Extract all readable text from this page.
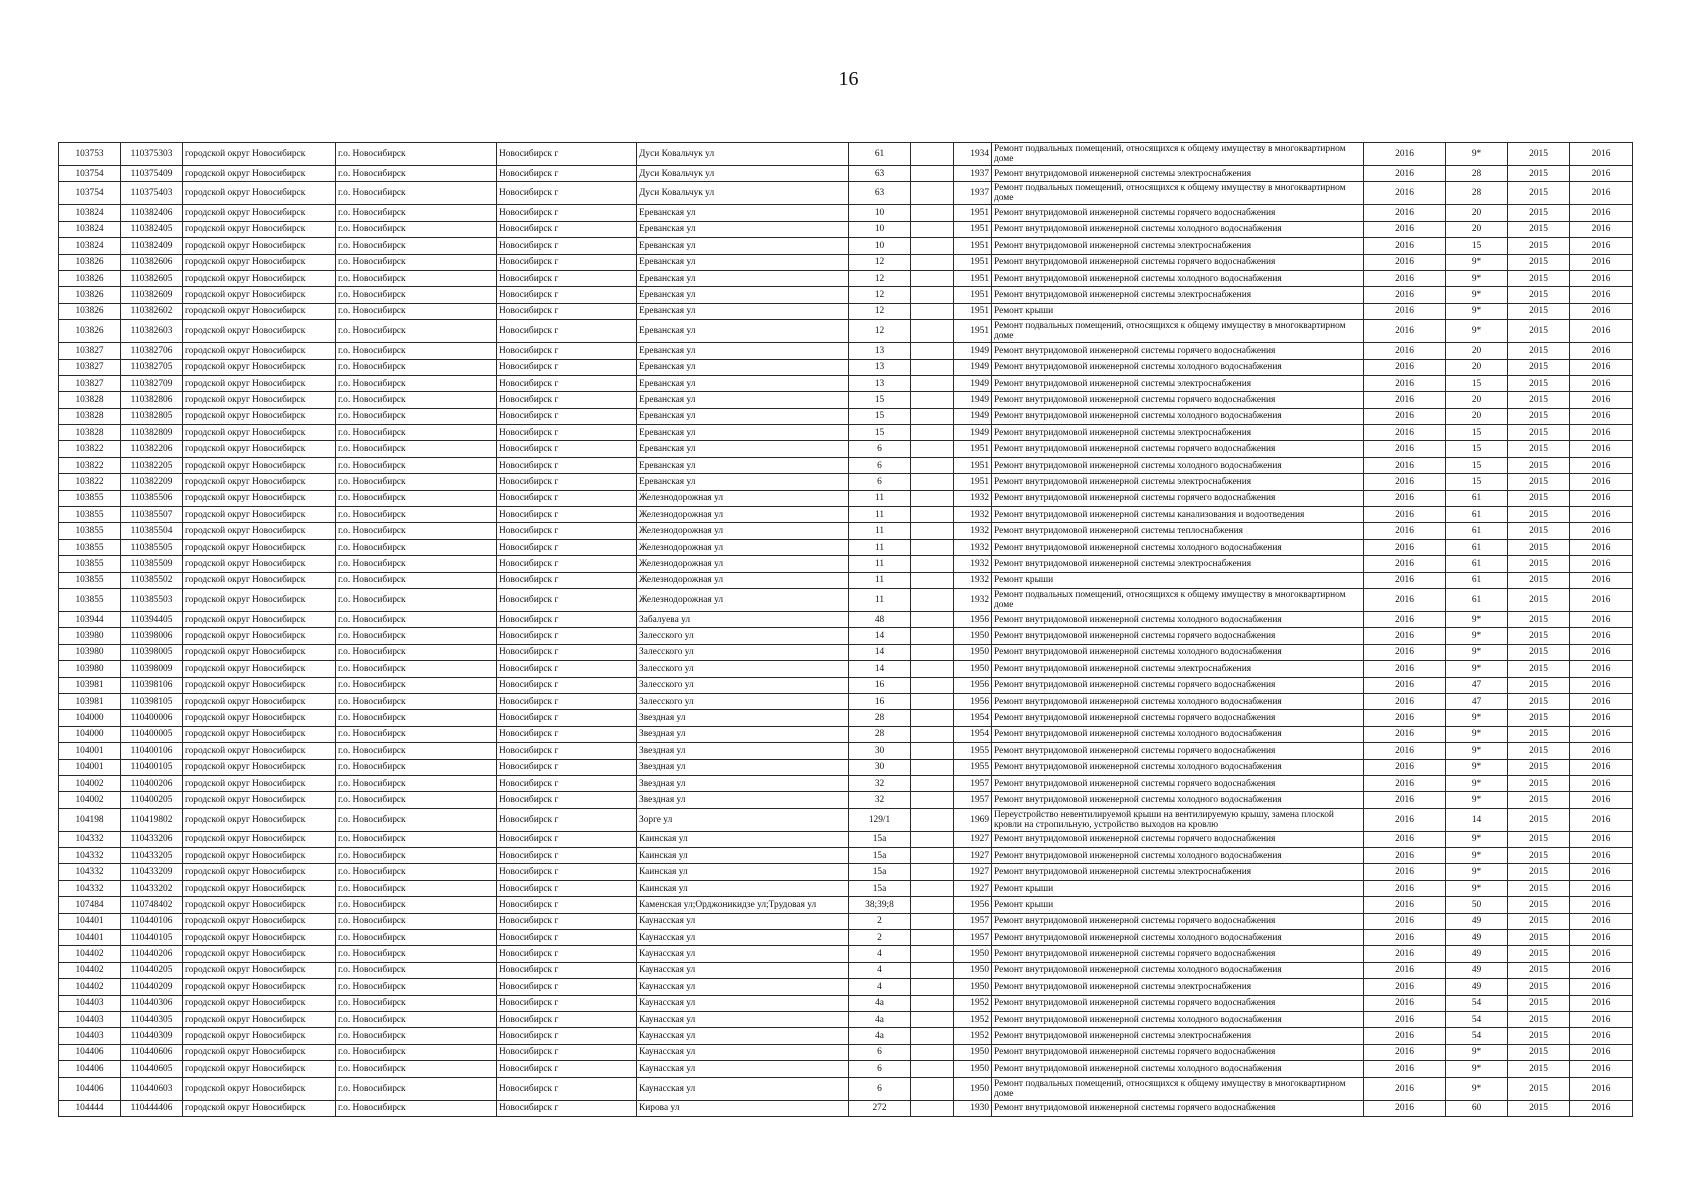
16
103753	110375303	городской округ Новосибирск	г.о. Новосибирск	Новосибирск г	Дуси Ковальчук ул	61		1934	Ремонт подвальных помещений, относящихся к общему имуществу в многоквартирном доме	2016	9*	2015	2016
103754	110375409	городской округ Новосибирск	г.о. Новосибирск	Новосибирск г	Дуси Ковальчук ул	63		1937	Ремонт внутридомовой инженерной системы электроснабжения	2016	28	2015	2016
103754	110375403	городской округ Новосибирск	г.о. Новосибирск	Новосибирск г	Дуси Ковальчук ул	63		1937	Ремонт подвальных помещений, относящихся к общему имуществу в многоквартирном доме	2016	28	2015	2016
103824	110382406	городской округ Новосибирск	г.о. Новосибирск	Новосибирск г	Ереванская ул	10		1951	Ремонт внутридомовой инженерной системы горячего водоснабжения	2016	20	2015	2016
103824	110382405	городской округ Новосибирск	г.о. Новосибирск	Новосибирск г	Ереванская ул	10		1951	Ремонт внутридомовой инженерной системы холодного водоснабжения	2016	20	2015	2016
103824	110382409	городской округ Новосибирск	г.о. Новосибирск	Новосибирск г	Ереванская ул	10		1951	Ремонт внутридомовой инженерной системы электроснабжения	2016	15	2015	2016
103826	110382606	городской округ Новосибирск	г.о. Новосибирск	Новосибирск г	Ереванская ул	12		1951	Ремонт внутридомовой инженерной системы горячего водоснабжения	2016	9*	2015	2016
103826	110382605	городской округ Новосибирск	г.о. Новосибирск	Новосибирск г	Ереванская ул	12		1951	Ремонт внутридомовой инженерной системы холодного водоснабжения	2016	9*	2015	2016
103826	110382609	городской округ Новосибирск	г.о. Новосибирск	Новосибирск г	Ереванская ул	12		1951	Ремонт внутридомовой инженерной системы электроснабжения	2016	9*	2015	2016
103826	110382602	городской округ Новосибирск	г.о. Новосибирск	Новосибирск г	Ереванская ул	12		1951	Ремонт крыши	2016	9*	2015	2016
103826	110382603	городской округ Новосибирск	г.о. Новосибирск	Новосибирск г	Ереванская ул	12		1951	Ремонт подвальных помещений, относящихся к общему имуществу в многоквартирном доме	2016	9*	2015	2016
103827	110382706	городской округ Новосибирск	г.о. Новосибирск	Новосибирск г	Ереванская ул	13		1949	Ремонт внутридомовой инженерной системы горячего водоснабжения	2016	20	2015	2016
103827	110382705	городской округ Новосибирск	г.о. Новосибирск	Новосибирск г	Ереванская ул	13		1949	Ремонт внутридомовой инженерной системы холодного водоснабжения	2016	20	2015	2016
103827	110382709	городской округ Новосибирск	г.о. Новосибирск	Новосибирск г	Ереванская ул	13		1949	Ремонт внутридомовой инженерной системы электроснабжения	2016	15	2015	2016
103828	110382806	городской округ Новосибирск	г.о. Новосибирск	Новосибирск г	Ереванская ул	15		1949	Ремонт внутридомовой инженерной системы горячего водоснабжения	2016	20	2015	2016
103828	110382805	городской округ Новосибирск	г.о. Новосибирск	Новосибирск г	Ереванская ул	15		1949	Ремонт внутридомовой инженерной системы холодного водоснабжения	2016	20	2015	2016
103828	110382809	городской округ Новосибирск	г.о. Новосибирск	Новосибирск г	Ереванская ул	15		1949	Ремонт внутридомовой инженерной системы электроснабжения	2016	15	2015	2016
103822	110382206	городской округ Новосибирск	г.о. Новосибирск	Новосибирск г	Ереванская ул	6		1951	Ремонт внутридомовой инженерной системы горячего водоснабжения	2016	15	2015	2016
103822	110382205	городской округ Новосибирск	г.о. Новосибирск	Новосибирск г	Ереванская ул	6		1951	Ремонт внутридомовой инженерной системы холодного водоснабжения	2016	15	2015	2016
103822	110382209	городской округ Новосибирск	г.о. Новосибирск	Новосибирск г	Ереванская ул	6		1951	Ремонт внутридомовой инженерной системы электроснабжения	2016	15	2015	2016
103855	110385506	городской округ Новосибирск	г.о. Новосибирск	Новосибирск г	Железнодорожная ул	11		1932	Ремонт внутридомовой инженерной системы горячего водоснабжения	2016	61	2015	2016
103855	110385507	городской округ Новосибирск	г.о. Новосибирск	Новосибирск г	Железнодорожная ул	11		1932	Ремонт внутридомовой инженерной системы канализования и водоотведения	2016	61	2015	2016
103855	110385504	городской округ Новосибирск	г.о. Новосибирск	Новосибирск г	Железнодорожная ул	11		1932	Ремонт внутридомовой инженерной системы теплоснабжения	2016	61	2015	2016
103855	110385505	городской округ Новосибирск	г.о. Новосибирск	Новосибирск г	Железнодорожная ул	11		1932	Ремонт внутридомовой инженерной системы холодного водоснабжения	2016	61	2015	2016
103855	110385509	городской округ Новосибирск	г.о. Новосибирск	Новосибирск г	Железнодорожная ул	11		1932	Ремонт внутридомовой инженерной системы электроснабжения	2016	61	2015	2016
103855	110385502	городской округ Новосибирск	г.о. Новосибирск	Новосибирск г	Железнодорожная ул	11		1932	Ремонт крыши	2016	61	2015	2016
103855	110385503	городской округ Новосибирск	г.о. Новосибирск	Новосибирск г	Железнодорожная ул	11		1932	Ремонт подвальных помещений, относящихся к общему имуществу в многоквартирном доме	2016	61	2015	2016
103944	110394405	городской округ Новосибирск	г.о. Новосибирск	Новосибирск г	Забалуева ул	48		1956	Ремонт внутридомовой инженерной системы холодного водоснабжения	2016	9*	2015	2016
103980	110398006	городской округ Новосибирск	г.о. Новосибирск	Новосибирск г	Залесского ул	14		1950	Ремонт внутридомовой инженерной системы горячего водоснабжения	2016	9*	2015	2016
103980	110398005	городской округ Новосибирск	г.о. Новосибирск	Новосибирск г	Залесского ул	14		1950	Ремонт внутридомовой инженерной системы холодного водоснабжения	2016	9*	2015	2016
103980	110398009	городской округ Новосибирск	г.о. Новосибирск	Новосибирск г	Залесского ул	14		1950	Ремонт внутридомовой инженерной системы электроснабжения	2016	9*	2015	2016
103981	110398106	городской округ Новосибирск	г.о. Новосибирск	Новосибирск г	Залесского ул	16		1956	Ремонт внутридомовой инженерной системы горячего водоснабжения	2016	47	2015	2016
103981	110398105	городской округ Новосибирск	г.о. Новосибирск	Новосибирск г	Залесского ул	16		1956	Ремонт внутридомовой инженерной системы холодного водоснабжения	2016	47	2015	2016
104000	110400006	городской округ Новосибирск	г.о. Новосибирск	Новосибирск г	Звездная ул	28		1954	Ремонт внутридомовой инженерной системы горячего водоснабжения	2016	9*	2015	2016
104000	110400005	городской округ Новосибирск	г.о. Новосибирск	Новосибирск г	Звездная ул	28		1954	Ремонт внутридомовой инженерной системы холодного водоснабжения	2016	9*	2015	2016
104001	110400106	городской округ Новосибирск	г.о. Новосибирск	Новосибирск г	Звездная ул	30		1955	Ремонт внутридомовой инженерной системы горячего водоснабжения	2016	9*	2015	2016
104001	110400105	городской округ Новосибирск	г.о. Новосибирск	Новосибирск г	Звездная ул	30		1955	Ремонт внутридомовой инженерной системы холодного водоснабжения	2016	9*	2015	2016
104002	110400206	городской округ Новосибирск	г.о. Новосибирск	Новосибирск г	Звездная ул	32		1957	Ремонт внутридомовой инженерной системы горячего водоснабжения	2016	9*	2015	2016
104002	110400205	городской округ Новосибирск	г.о. Новосибирск	Новосибирск г	Звездная ул	32		1957	Ремонт внутридомовой инженерной системы холодного водоснабжения	2016	9*	2015	2016
104198	110419802	городской округ Новосибирск	г.о. Новосибирск	Новосибирск г	Зорге ул	129/1		1969	Переустройство невентилируемой крыши на вентилируемую крышу, замена плоской кровли на стропильную, устройство выходов на кровлю	2016	14	2015	2016
104332	110433206	городской округ Новосибирск	г.о. Новосибирск	Новосибирск г	Каинская ул	15а		1927	Ремонт внутридомовой инженерной системы горячего водоснабжения	2016	9*	2015	2016
104332	110433205	городской округ Новосибирск	г.о. Новосибирск	Новосибирск г	Каинская ул	15а		1927	Ремонт внутридомовой инженерной системы холодного водоснабжения	2016	9*	2015	2016
104332	110433209	городской округ Новосибирск	г.о. Новосибирск	Новосибирск г	Каинская ул	15а		1927	Ремонт внутридомовой инженерной системы электроснабжения	2016	9*	2015	2016
104332	110433202	городской округ Новосибирск	г.о. Новосибирск	Новосибирск г	Каинская ул	15а		1927	Ремонт крыши	2016	9*	2015	2016
107484	110748402	городской округ Новосибирск	г.о. Новосибирск	Новосибирск г	Каменская ул;Орджоникидзе ул;Трудовая ул	38;39;8		1956	Ремонт крыши	2016	50	2015	2016
104401	110440106	городской округ Новосибирск	г.о. Новосибирск	Новосибирск г	Каунасская ул	2		1957	Ремонт внутридомовой инженерной системы горячего водоснабжения	2016	49	2015	2016
104401	110440105	городской округ Новосибирск	г.о. Новосибирск	Новосибирск г	Каунасская ул	2		1957	Ремонт внутридомовой инженерной системы холодного водоснабжения	2016	49	2015	2016
104402	110440206	городской округ Новосибирск	г.о. Новосибирск	Новосибирск г	Каунасская ул	4		1950	Ремонт внутридомовой инженерной системы горячего водоснабжения	2016	49	2015	2016
104402	110440205	городской округ Новосибирск	г.о. Новосибирск	Новосибирск г	Каунасская ул	4		1950	Ремонт внутридомовой инженерной системы холодного водоснабжения	2016	49	2015	2016
104402	110440209	городской округ Новосибирск	г.о. Новосибирск	Новосибирск г	Каунасская ул	4		1950	Ремонт внутридомовой инженерной системы электроснабжения	2016	49	2015	2016
104403	110440306	городской округ Новосибирск	г.о. Новосибирск	Новосибирск г	Каунасская ул	4а		1952	Ремонт внутридомовой инженерной системы горячего водоснабжения	2016	54	2015	2016
104403	110440305	городской округ Новосибирск	г.о. Новосибирск	Новосибирск г	Каунасская ул	4а		1952	Ремонт внутридомовой инженерной системы холодного водоснабжения	2016	54	2015	2016
104403	110440309	городской округ Новосибирск	г.о. Новосибирск	Новосибирск г	Каунасская ул	4а		1952	Ремонт внутридомовой инженерной системы электроснабжения	2016	54	2015	2016
104406	110440606	городской округ Новосибирск	г.о. Новосибирск	Новосибирск г	Каунасская ул	6		1950	Ремонт внутридомовой инженерной системы горячего водоснабжения	2016	9*	2015	2016
104406	110440605	городской округ Новосибирск	г.о. Новосибирск	Новосибирск г	Каунасская ул	6		1950	Ремонт внутридомовой инженерной системы холодного водоснабжения	2016	9*	2015	2016
104406	110440603	городской округ Новосибирск	г.о. Новосибирск	Новосибирск г	Каунасская ул	6		1950	Ремонт подвальных помещений, относящихся к общему имуществу в многоквартирном доме	2016	9*	2015	2016
104444	110444406	городской округ Новосибирск	г.о. Новосибирск	Новосибирск г	Кирова ул	272		1930	Ремонт внутридомовой инженерной системы горячего водоснабжения	2016	60	2015	2016
